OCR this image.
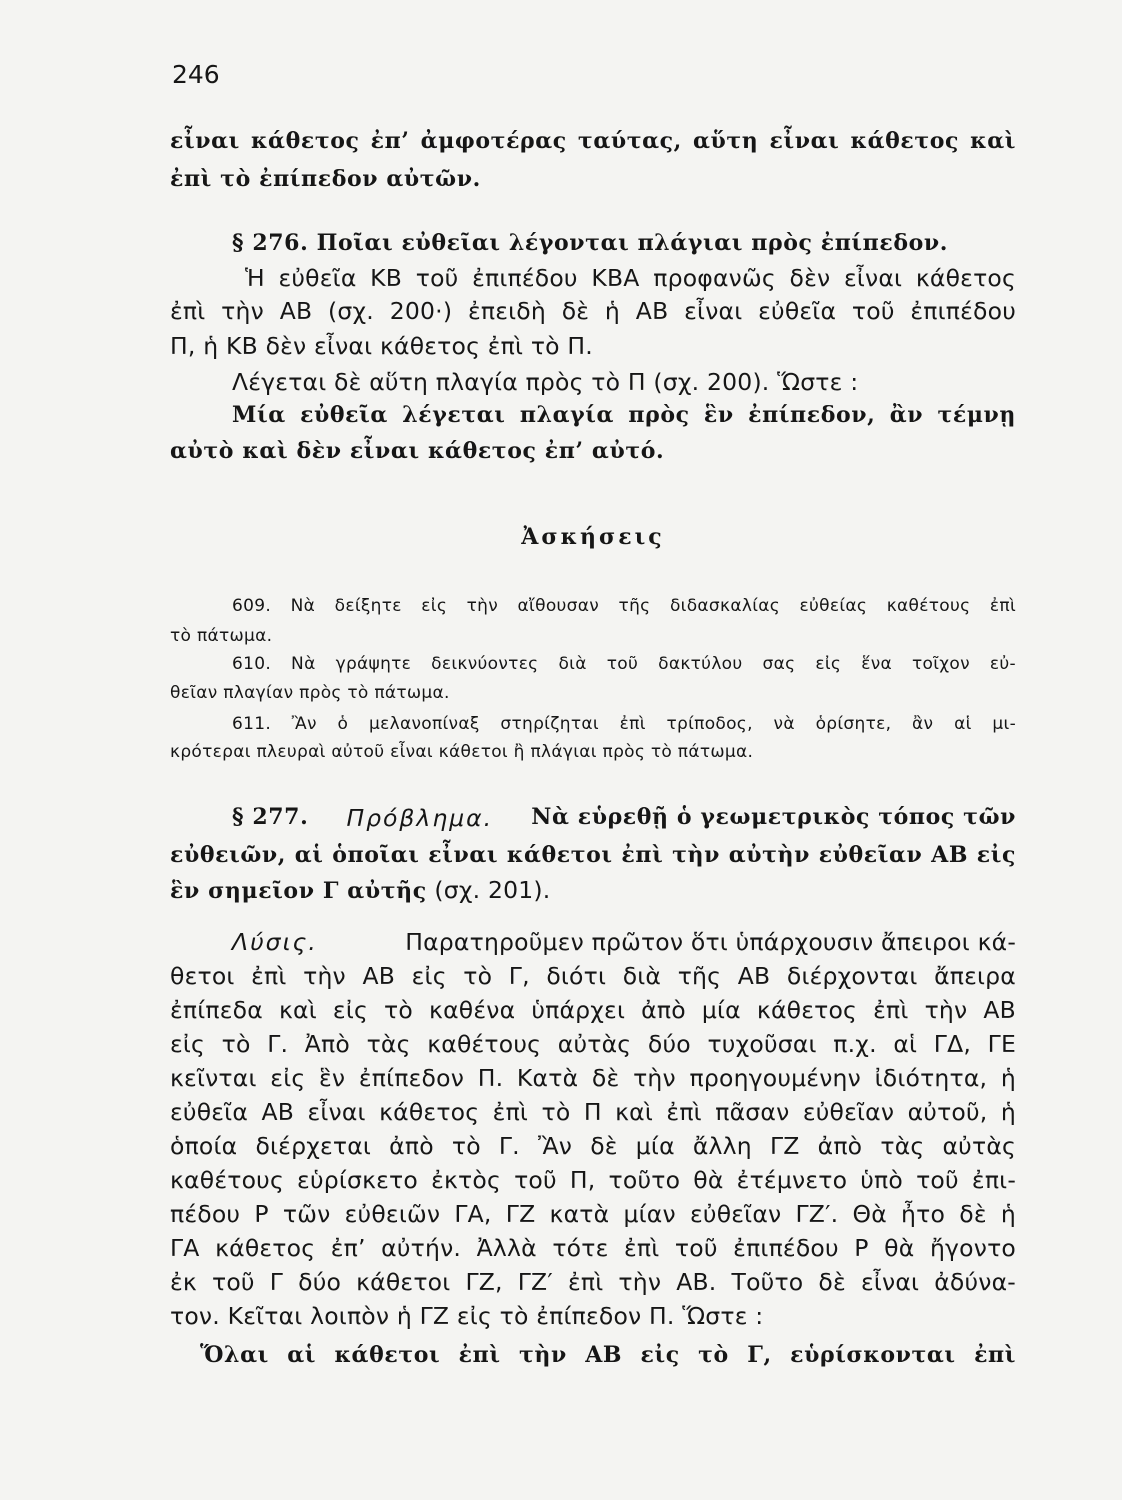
246
εἶναι κάθετος ἐπ’ ἀμφοτέρας ταύτας, αὕτη εἶναι κάθετος καὶ
ἐπὶ τὸ ἐπίπεδον αὐτῶν.
§ 276. Ποῖαι εὐθεῖαι λέγονται πλάγιαι πρὸς ἐπίπεδον.
Ἡ εὐθεῖα ΚΒ τοῦ ἐπιπέδου ΚΒΑ προφανῶς δὲν εἶναι κάθετος
ἐπὶ τὴν ΑΒ (σχ. 200·) ἐπειδὴ δὲ ἡ ΑΒ εἶναι εὐθεῖα τοῦ ἐπιπέδου
Π, ἡ ΚΒ δὲν εἶναι κάθετος ἐπὶ τὸ Π.
Λέγεται δὲ αὕτη πλαγία πρὸς τὸ Π (σχ. 200). Ὥστε :
Μία εὐθεῖα λέγεται πλαγία πρὸς ἓν ἐπίπεδον, ἂν τέμνῃ
αὐτὸ καὶ δὲν εἶναι κάθετος ἐπ’ αὐτό.
Ἀσκήσεις
609. Νὰ δείξητε εἰς τὴν αἴθουσαν τῆς διδασκαλίας εὐθείας καθέτους ἐπὶ
τὸ πάτωμα.
610. Νὰ γράψητε δεικνύοντες διὰ τοῦ δακτύλου σας εἰς ἕνα τοῖχον εὐ-
θεῖαν πλαγίαν πρὸς τὸ πάτωμα.
611. Ἂν ὁ μελανοπίναξ στηρίζηται ἐπὶ τρίποδος, νὰ ὁρίσητε, ἂν αἱ μι-
κρότεραι πλευραὶ αὐτοῦ εἶναι κάθετοι ἢ πλάγιαι πρὸς τὸ πάτωμα.
§ 277. Πρόβλημα. Νὰ εὑρεθῇ ὁ γεωμετρικὸς τόπος τῶν
εὐθειῶν, αἱ ὁποῖαι εἶναι κάθετοι ἐπὶ τὴν αὐτὴν εὐθεῖαν ΑΒ εἰς
ἓν σημεῖον Γ αὐτῆς (σχ. 201).
Λύσις.	Παρατηροῦμεν πρῶτον ὅτι ὑπάρχουσιν ἄπειροι κά-
θετοι ἐπὶ τὴν ΑΒ εἰς τὸ Γ, διότι διὰ τῆς ΑΒ διέρχονται ἄπειρα
ἐπίπεδα καὶ εἰς τὸ καθένα ὑπάρχει ἀπὸ μία κάθετος ἐπὶ τὴν ΑΒ
εἰς τὸ Γ. Ἀπὸ τὰς καθέτους αὐτὰς δύο τυχοῦσαι π.χ. αἱ ΓΔ, ΓΕ
κεῖνται εἰς ἓν ἐπίπεδον Π. Κατὰ δὲ τὴν προηγουμένην ἰδιότητα, ἡ
εὐθεῖα ΑΒ εἶναι κάθετος ἐπὶ τὸ Π καὶ ἐπὶ πᾶσαν εὐθεῖαν αὐτοῦ, ἡ
ὁποία διέρχεται ἀπὸ τὸ Γ. Ἂν δὲ μία ἄλλη ΓΖ ἀπὸ τὰς αὐτὰς
καθέτους εὑρίσκετο ἐκτὸς τοῦ Π, τοῦτο θὰ ἐτέμνετο ὑπὸ τοῦ ἐπι-
πέδου Ρ τῶν εὐθειῶν ΓΑ, ΓΖ κατὰ μίαν εὐθεῖαν ΓΖ′. Θὰ ἦτο δὲ ἡ
ΓΑ κάθετος ἐπ’ αὐτήν. Ἀλλὰ τότε ἐπὶ τοῦ ἐπιπέδου Ρ θὰ ἤγοντο
ἐκ τοῦ Γ δύο κάθετοι ΓΖ, ΓΖ′ ἐπὶ τὴν ΑΒ. Τοῦτο δὲ εἶναι ἀδύνα-
τον. Κεῖται λοιπὸν ἡ ΓΖ εἰς τὸ ἐπίπεδον Π. Ὥστε :
Ὅλαι αἱ κάθετοι ἐπὶ τὴν ΑΒ εἰς τὸ Γ, εὑρίσκονται ἐπὶ
